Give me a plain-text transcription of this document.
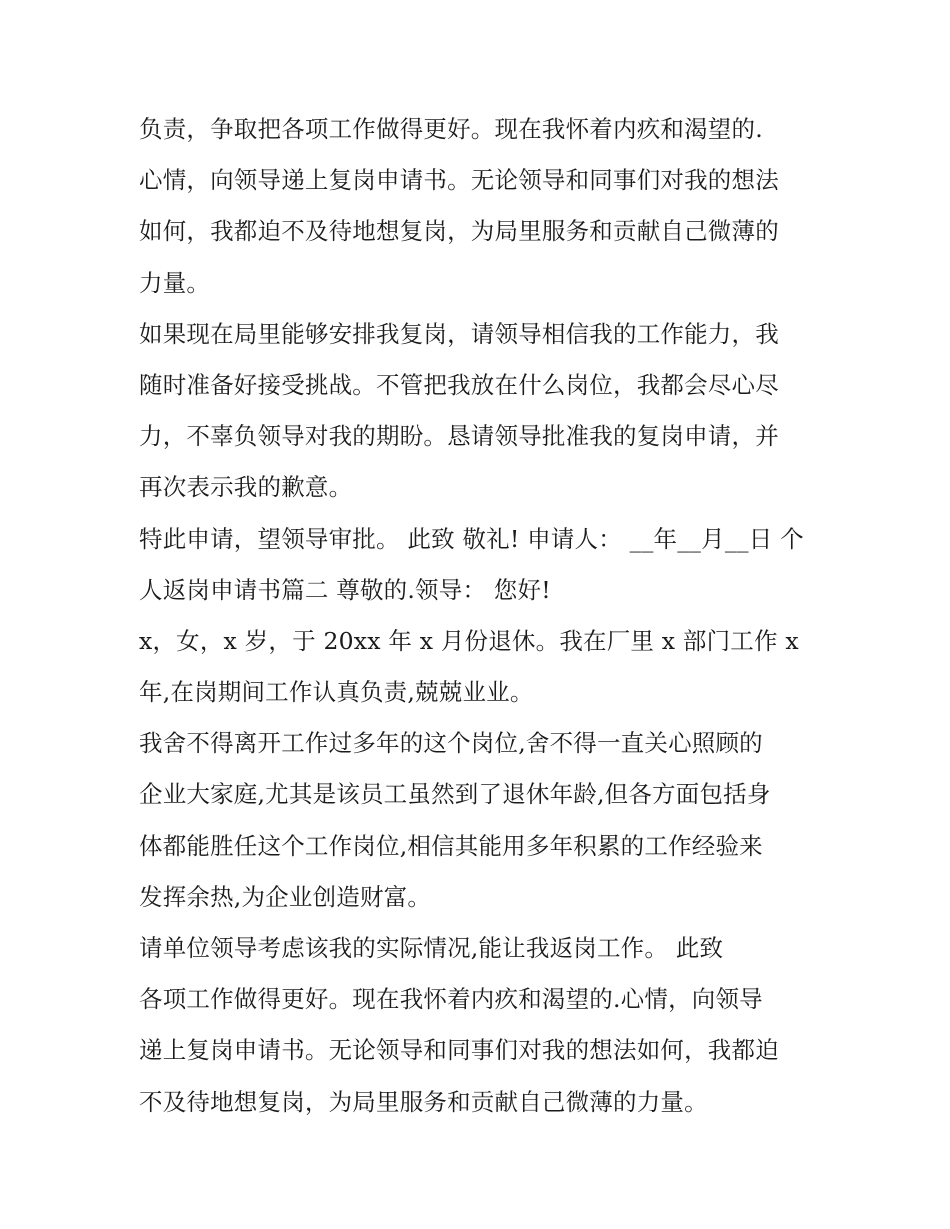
负责，争取把各项工作做得更好。现在我怀着内疚和渴望的.
心情，向领导递上复岗申请书。无论领导和同事们对我的想法
如何，我都迫不及待地想复岗，为局里服务和贡献自己微薄的
力量。
如果现在局里能够安排我复岗，请领导相信我的工作能力，我
随时准备好接受挑战。不管把我放在什么岗位，我都会尽心尽
力，不辜负领导对我的期盼。恳请领导批准我的复岗申请，并
再次表示我的歉意。
特此申请，望领导审批。 此致 敬礼! 申请人： __年__月__日 个
人返岗申请书篇二 尊敬的.领导： 您好!
x，女，x 岁，于 20xx 年 x 月份退休。我在厂里 x 部门工作 x
年,在岗期间工作认真负责,兢兢业业。
我舍不得离开工作过多年的这个岗位,舍不得一直关心照顾的
企业大家庭,尤其是该员工虽然到了退休年龄,但各方面包括身
体都能胜任这个工作岗位,相信其能用多年积累的工作经验来
发挥余热,为企业创造财富。
请单位领导考虑该我的实际情况,能让我返岗工作。 此致
各项工作做得更好。现在我怀着内疚和渴望的.心情，向领导
递上复岗申请书。无论领导和同事们对我的想法如何，我都迫
不及待地想复岗，为局里服务和贡献自己微薄的力量。
